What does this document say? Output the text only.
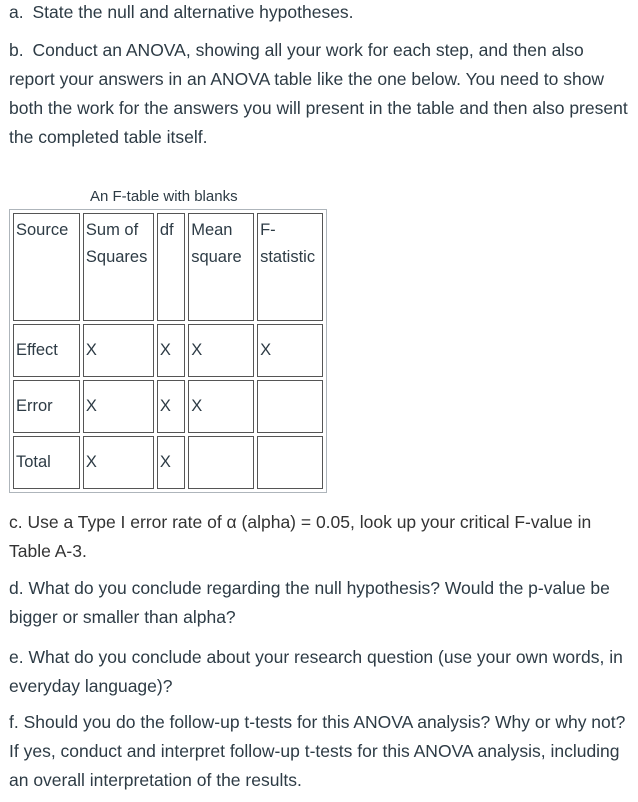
a. State the null and alternative hypotheses.

b. Conduct an ANOVA, showing all your work for each step, and then also report your answers in an ANOVA table like the one below. You need to show both the work for the answers you will present in the table and then also present the completed table itself.

An F-table with blanks
Source	Sum of Squares	df	Mean square	F-statistic
Effect	X	X	X	X
Error	X	X	X	
Total	X	X		

c. Use a Type I error rate of α (alpha) = 0.05, look up your critical F-value in Table A-3.

d. What do you conclude regarding the null hypothesis? Would the p-value be bigger or smaller than alpha?

e. What do you conclude about your research question (use your own words, in everyday language)?

f. Should you do the follow-up t-tests for this ANOVA analysis? Why or why not? If yes, conduct and interpret follow-up t-tests for this ANOVA analysis, including an overall interpretation of the results.
